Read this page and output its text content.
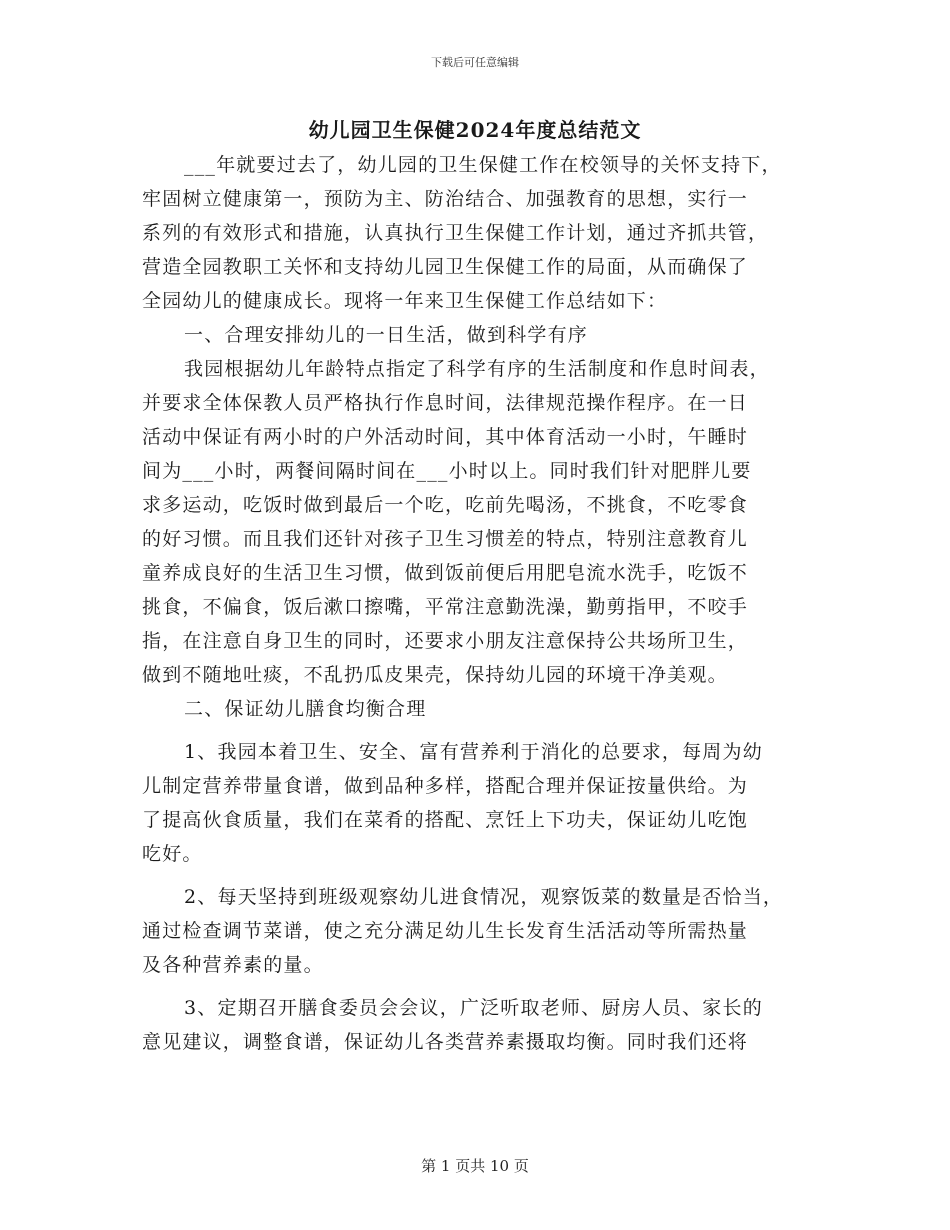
下载后可任意编辑
幼儿园卫生保健2024年度总结范文
___年就要过去了，幼儿园的卫生保健工作在校领导的关怀支持下，
牢固树立健康第一，预防为主、防治结合、加强教育的思想，实行一
系列的有效形式和措施，认真执行卫生保健工作计划，通过齐抓共管，
营造全园教职工关怀和支持幼儿园卫生保健工作的局面，从而确保了
全园幼儿的健康成长。现将一年来卫生保健工作总结如下：
一、合理安排幼儿的一日生活，做到科学有序
我园根据幼儿年龄特点指定了科学有序的生活制度和作息时间表，
并要求全体保教人员严格执行作息时间，法律规范操作程序。在一日
活动中保证有两小时的户外活动时间，其中体育活动一小时，午睡时
间为___小时，两餐间隔时间在___小时以上。同时我们针对肥胖儿要
求多运动，吃饭时做到最后一个吃，吃前先喝汤，不挑食，不吃零食
的好习惯。而且我们还针对孩子卫生习惯差的特点，特别注意教育儿
童养成良好的生活卫生习惯，做到饭前便后用肥皂流水洗手，吃饭不
挑食，不偏食，饭后漱口擦嘴，平常注意勤洗澡，勤剪指甲，不咬手
指，在注意自身卫生的同时，还要求小朋友注意保持公共场所卫生，
做到不随地吐痰，不乱扔瓜皮果壳，保持幼儿园的环境干净美观。
二、保证幼儿膳食均衡合理
1、我园本着卫生、安全、富有营养利于消化的总要求，每周为幼
儿制定营养带量食谱，做到品种多样，搭配合理并保证按量供给。为
了提高伙食质量，我们在菜肴的搭配、烹饪上下功夫，保证幼儿吃饱
吃好。
2、每天坚持到班级观察幼儿进食情况，观察饭菜的数量是否恰当，
通过检查调节菜谱，使之充分满足幼儿生长发育生活活动等所需热量
及各种营养素的量。
3、定期召开膳食委员会会议，广泛听取老师、厨房人员、家长的
意见建议，调整食谱，保证幼儿各类营养素摄取均衡。同时我们还将
第 1 页共 10 页
